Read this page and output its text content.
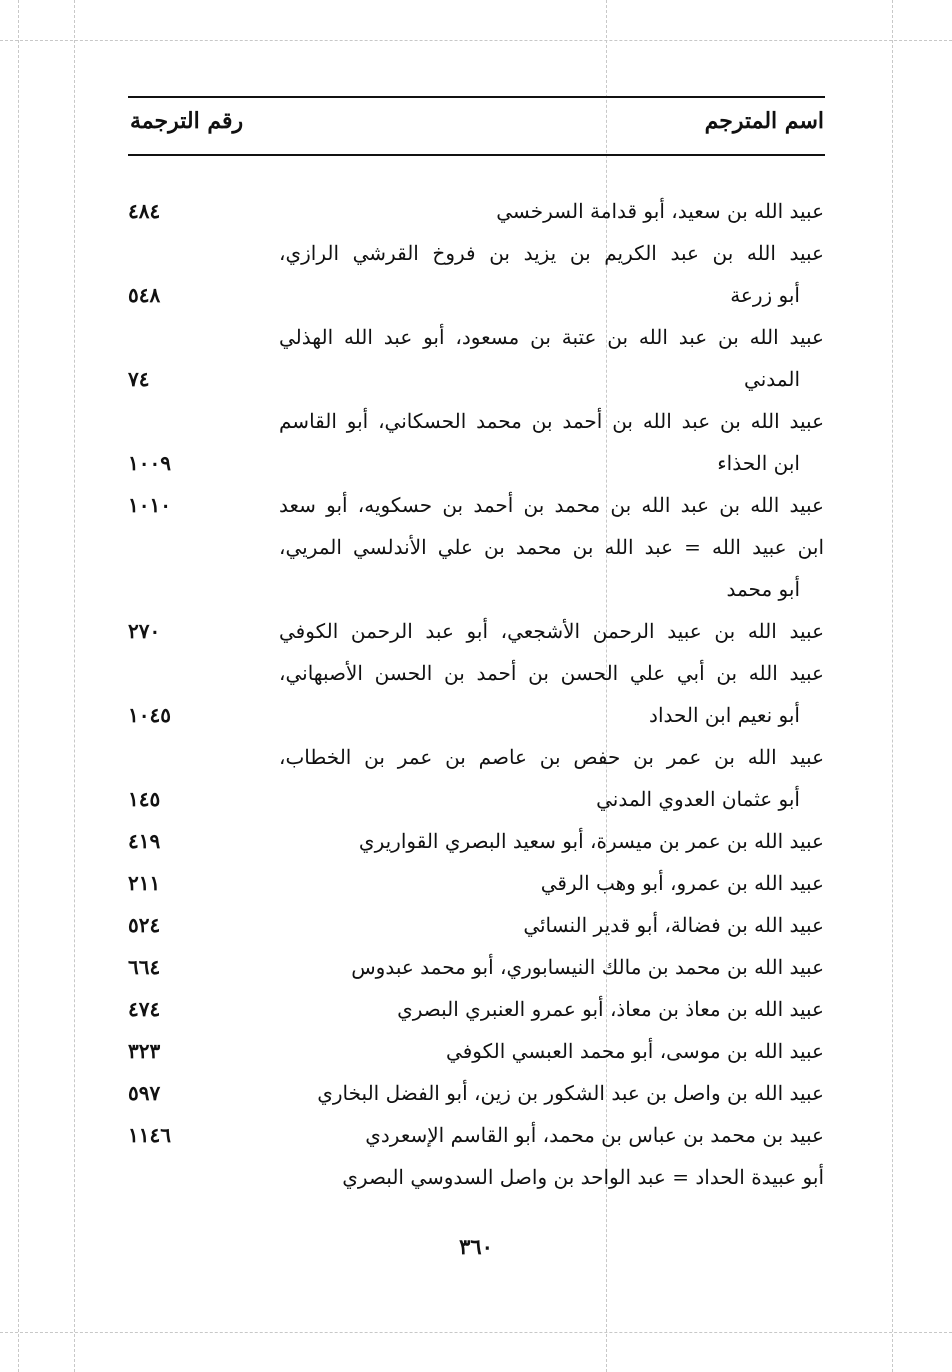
اسم المترجم
رقم الترجمة
عبيد الله بن سعيد، أبو قدامة السرخسي
٤٨٤
عبيد الله بن عبد الكريم بن يزيد بن فروخ القرشي الرازي،
أبو زرعة
٥٤٨
عبيد الله بن عبد الله بن عتبة بن مسعود، أبو عبد الله الهذلي
المدني
٧٤
عبيد الله بن عبد الله بن أحمد بن محمد الحسكاني، أبو القاسم
ابن الحذاء
١٠٠٩
عبيد الله بن عبد الله بن محمد بن أحمد بن حسكويه، أبو سعد
١٠١٠
ابن عبيد الله = عبد الله بن محمد بن علي الأندلسي المريي،
أبو محمد
عبيد الله بن عبيد الرحمن الأشجعي، أبو عبد الرحمن الكوفي
٢٧٠
عبيد الله بن أبي علي الحسن بن أحمد بن الحسن الأصبهاني،
أبو نعيم ابن الحداد
١٠٤٥
عبيد الله بن عمر بن حفص بن عاصم بن عمر بن الخطاب،
أبو عثمان العدوي المدني
١٤٥
عبيد الله بن عمر بن ميسرة، أبو سعيد البصري القواريري
٤١٩
عبيد الله بن عمرو، أبو وهب الرقي
٢١١
عبيد الله بن فضالة، أبو قدير النسائي
٥٢٤
عبيد الله بن محمد بن مالك النيسابوري، أبو محمد عبدوس
٦٦٤
عبيد الله بن معاذ بن معاذ، أبو عمرو العنبري البصري
٤٧٤
عبيد الله بن موسى، أبو محمد العبسي الكوفي
٣٢٣
عبيد الله بن واصل بن عبد الشكور بن زين، أبو الفضل البخاري
٥٩٧
عبيد بن محمد بن عباس بن محمد، أبو القاسم الإسعردي
١١٤٦
أبو عبيدة الحداد = عبد الواحد بن واصل السدوسي البصري
٣٦٠
